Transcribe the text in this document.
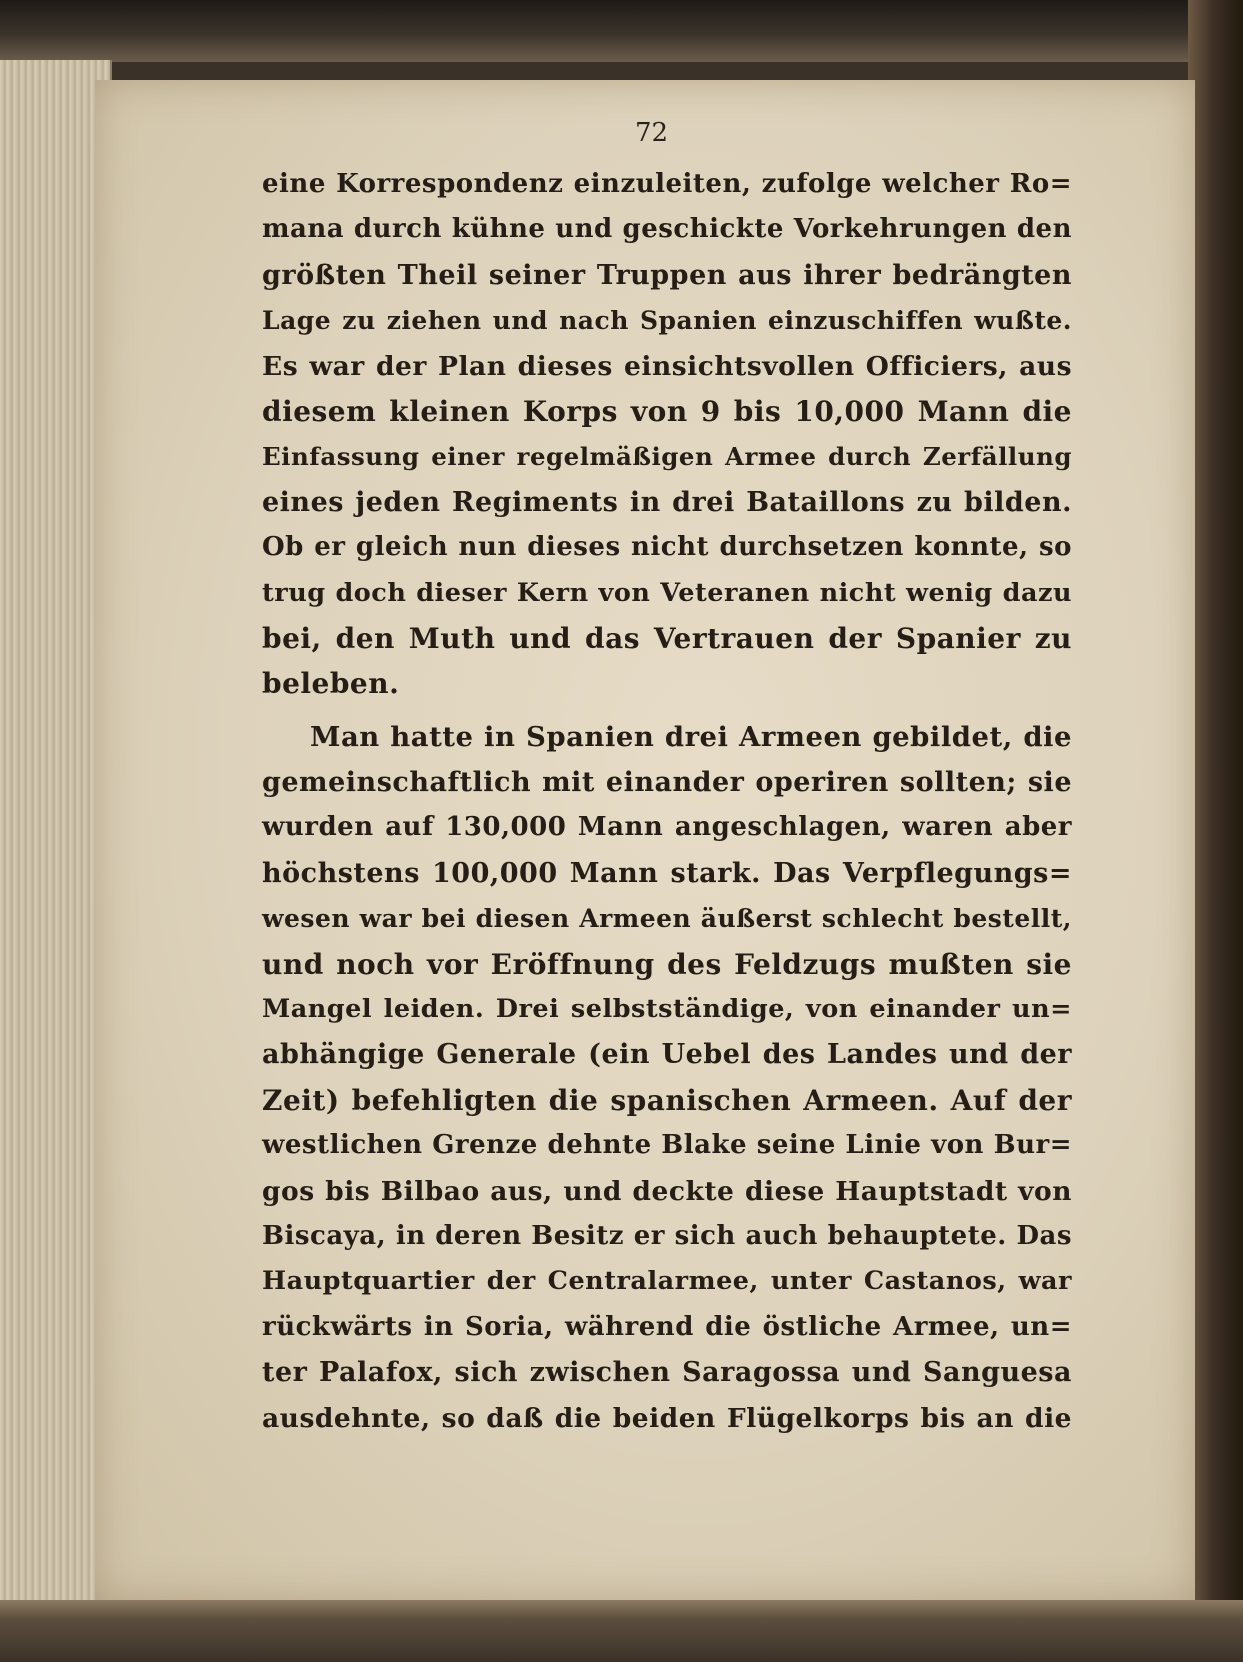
72
eine Korrespondenz einzuleiten, zufolge welcher Ro=
mana durch kühne und geschickte Vorkehrungen den
größten Theil seiner Truppen aus ihrer bedrängten
Lage zu ziehen und nach Spanien einzuschiffen wußte.
Es war der Plan dieses einsichtsvollen Officiers, aus
diesem kleinen Korps von 9 bis 10,000 Mann die
Einfassung einer regelmäßigen Armee durch Zerfällung
eines jeden Regiments in drei Bataillons zu bilden.
Ob er gleich nun dieses nicht durchsetzen konnte, so
trug doch dieser Kern von Veteranen nicht wenig dazu
bei, den Muth und das Vertrauen der Spanier zu
beleben.
Man hatte in Spanien drei Armeen gebildet, die
gemeinschaftlich mit einander operiren sollten; sie
wurden auf 130,000 Mann angeschlagen, waren aber
höchstens 100,000 Mann stark. Das Verpflegungs=
wesen war bei diesen Armeen äußerst schlecht bestellt,
und noch vor Eröffnung des Feldzugs mußten sie
Mangel leiden. Drei selbstständige, von einander un=
abhängige Generale (ein Uebel des Landes und der
Zeit) befehligten die spanischen Armeen. Auf der
westlichen Grenze dehnte Blake seine Linie von Bur=
gos bis Bilbao aus, und deckte diese Hauptstadt von
Biscaya, in deren Besitz er sich auch behauptete. Das
Hauptquartier der Centralarmee, unter Castanos, war
rückwärts in Soria, während die östliche Armee, un=
ter Palafox, sich zwischen Saragossa und Sanguesa
ausdehnte, so daß die beiden Flügelkorps bis an die
